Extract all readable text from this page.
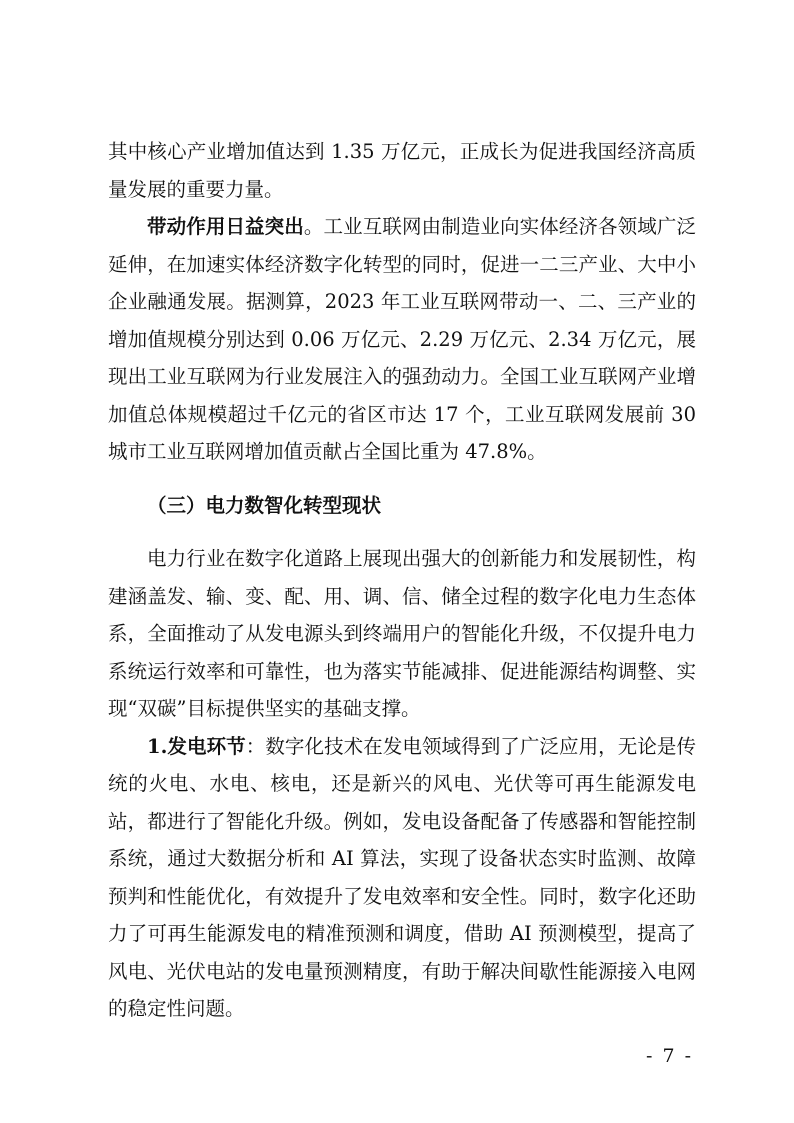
其中核心产业增加值达到 1.35 万亿元，正成长为促进我国经济高质量发展的重要力量。

带动作用日益突出。工业互联网由制造业向实体经济各领域广泛延伸，在加速实体经济数字化转型的同时，促进一二三产业、大中小企业融通发展。据测算，2023 年工业互联网带动一、二、三产业的增加值规模分别达到 0.06 万亿元、2.29 万亿元、2.34 万亿元，展现出工业互联网为行业发展注入的强劲动力。全国工业互联网产业增加值总体规模超过千亿元的省区市达 17 个，工业互联网发展前 30 城市工业互联网增加值贡献占全国比重为 47.8%。

（三）电力数智化转型现状

电力行业在数字化道路上展现出强大的创新能力和发展韧性，构建涵盖发、输、变、配、用、调、信、储全过程的数字化电力生态体系，全面推动了从发电源头到终端用户的智能化升级，不仅提升电力系统运行效率和可靠性，也为落实节能减排、促进能源结构调整、实现“双碳”目标提供坚实的基础支撑。

1.发电环节：数字化技术在发电领域得到了广泛应用，无论是传统的火电、水电、核电，还是新兴的风电、光伏等可再生能源发电站，都进行了智能化升级。例如，发电设备配备了传感器和智能控制系统，通过大数据分析和 AI 算法，实现了设备状态实时监测、故障预判和性能优化，有效提升了发电效率和安全性。同时，数字化还助力了可再生能源发电的精准预测和调度，借助 AI 预测模型，提高了风电、光伏电站的发电量预测精度，有助于解决间歇性能源接入电网的稳定性问题。

- 7 -
